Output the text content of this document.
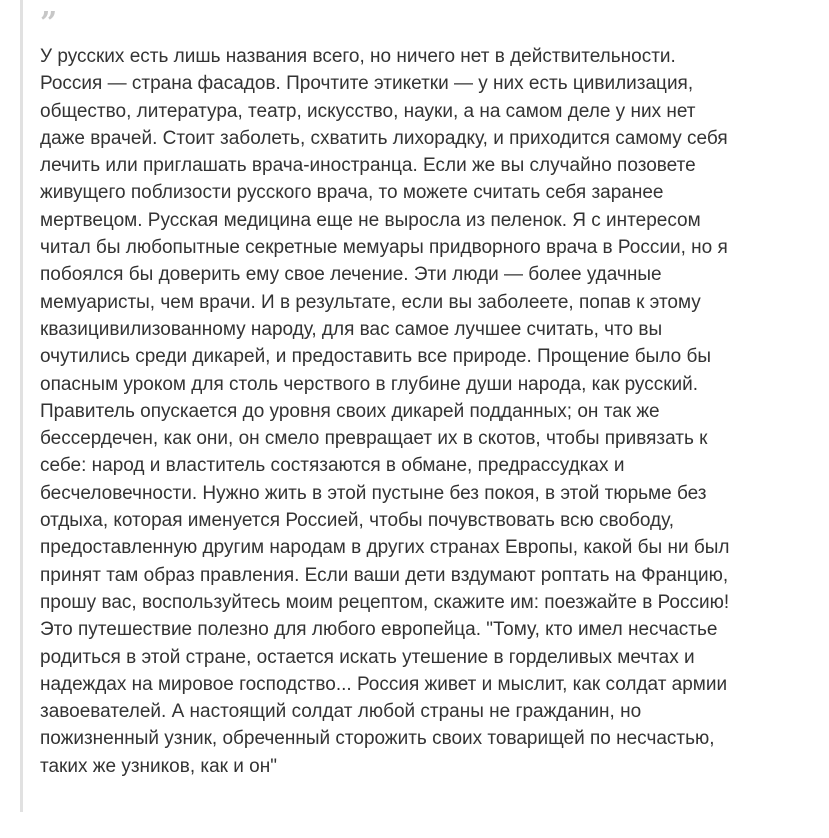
”

У русских есть лишь названия всего, но ничего нет в действительности.
Россия — страна фасадов. Прочтите этикетки — у них есть цивилизация,
общество, литература, театр, искусство, науки, а на самом деле у них нет
даже врачей. Стоит заболеть, схватить лихорадку, и приходится самому себя
лечить или приглашать врача-иностранца. Если же вы случайно позовете
живущего поблизости русского врача, то можете считать себя заранее
мертвецом. Русская медицина еще не выросла из пеленок. Я с интересом
читал бы любопытные секретные мемуары придворного врача в России, но я
побоялся бы доверить ему свое лечение. Эти люди — более удачные
мемуаристы, чем врачи. И в результате, если вы заболеете, попав к этому
квазицивилизованному народу, для вас самое лучшее считать, что вы
очутились среди дикарей, и предоставить все природе. Прощение было бы
опасным уроком для столь черствого в глубине души народа, как русский.
Правитель опускается до уровня своих дикарей подданных; он так же
бессердечен, как они, он смело превращает их в скотов, чтобы привязать к
себе: народ и властитель состязаются в обмане, предрассудках и
бесчеловечности. Нужно жить в этой пустыне без покоя, в этой тюрьме без
отдыха, которая именуется Россией, чтобы почувствовать всю свободу,
предоставленную другим народам в других странах Европы, какой бы ни был
принят там образ правления. Если ваши дети вздумают роптать на Францию,
прошу вас, воспользуйтесь моим рецептом, скажите им: поезжайте в Россию!
Это путешествие полезно для любого европейца. "Тому, кто имел несчастье
родиться в этой стране, остается искать утешение в горделивых мечтах и
надеждах на мировое господство... Россия живет и мыслит, как солдат армии
завоевателей. А настоящий солдат любой страны не гражданин, но
пожизненный узник, обреченный сторожить своих товарищей по несчастью,
таких же узников, как и он"
